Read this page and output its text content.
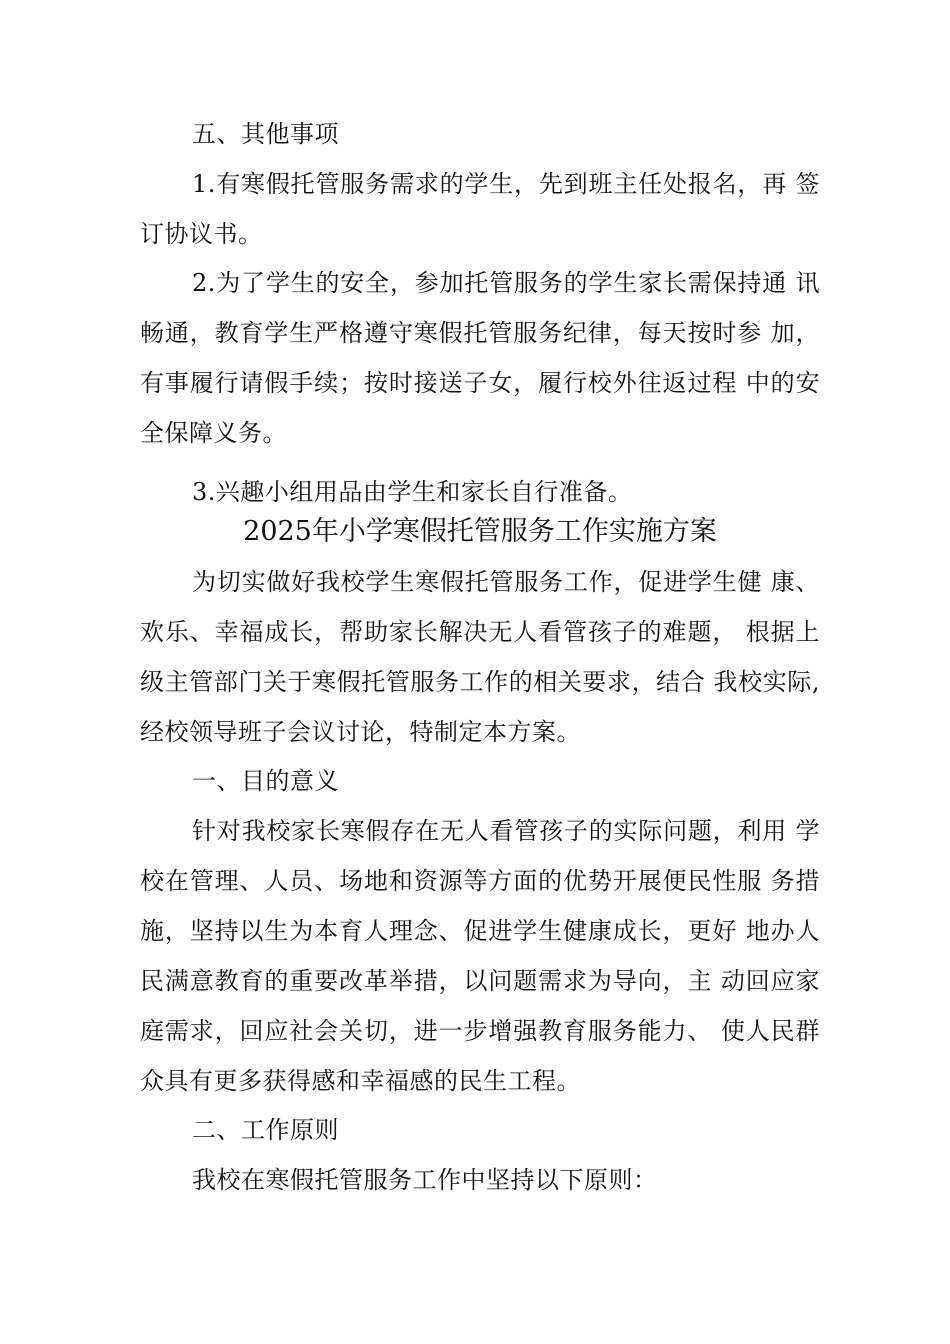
五、其他事项
1.有寒假托管服务需求的学生，先到班主任处报名，再 签订协议书。
2.为了学生的安全，参加托管服务的学生家长需保持通 讯畅通，教育学生严格遵守寒假托管服务纪律，每天按时参 加，有事履行请假手续；按时接送子女，履行校外往返过程 中的安全保障义务。
3.兴趣小组用品由学生和家长自行准备。
2025年小学寒假托管服务工作实施方案
为切实做好我校学生寒假托管服务工作，促进学生健 康、欢乐、幸福成长，帮助家长解决无人看管孩子的难题， 根据上级主管部门关于寒假托管服务工作的相关要求，结合 我校实际,经校领导班子会议讨论，特制定本方案。
一、目的意义
针对我校家长寒假存在无人看管孩子的实际问题，利用 学校在管理、人员、场地和资源等方面的优势开展便民性服 务措施，坚持以生为本育人理念、促进学生健康成长，更好 地办人民满意教育的重要改革举措，以问题需求为导向，主 动回应家庭需求，回应社会关切，进一步增强教育服务能力、 使人民群众具有更多获得感和幸福感的民生工程。
二、工作原则
我校在寒假托管服务工作中坚持以下原则：
